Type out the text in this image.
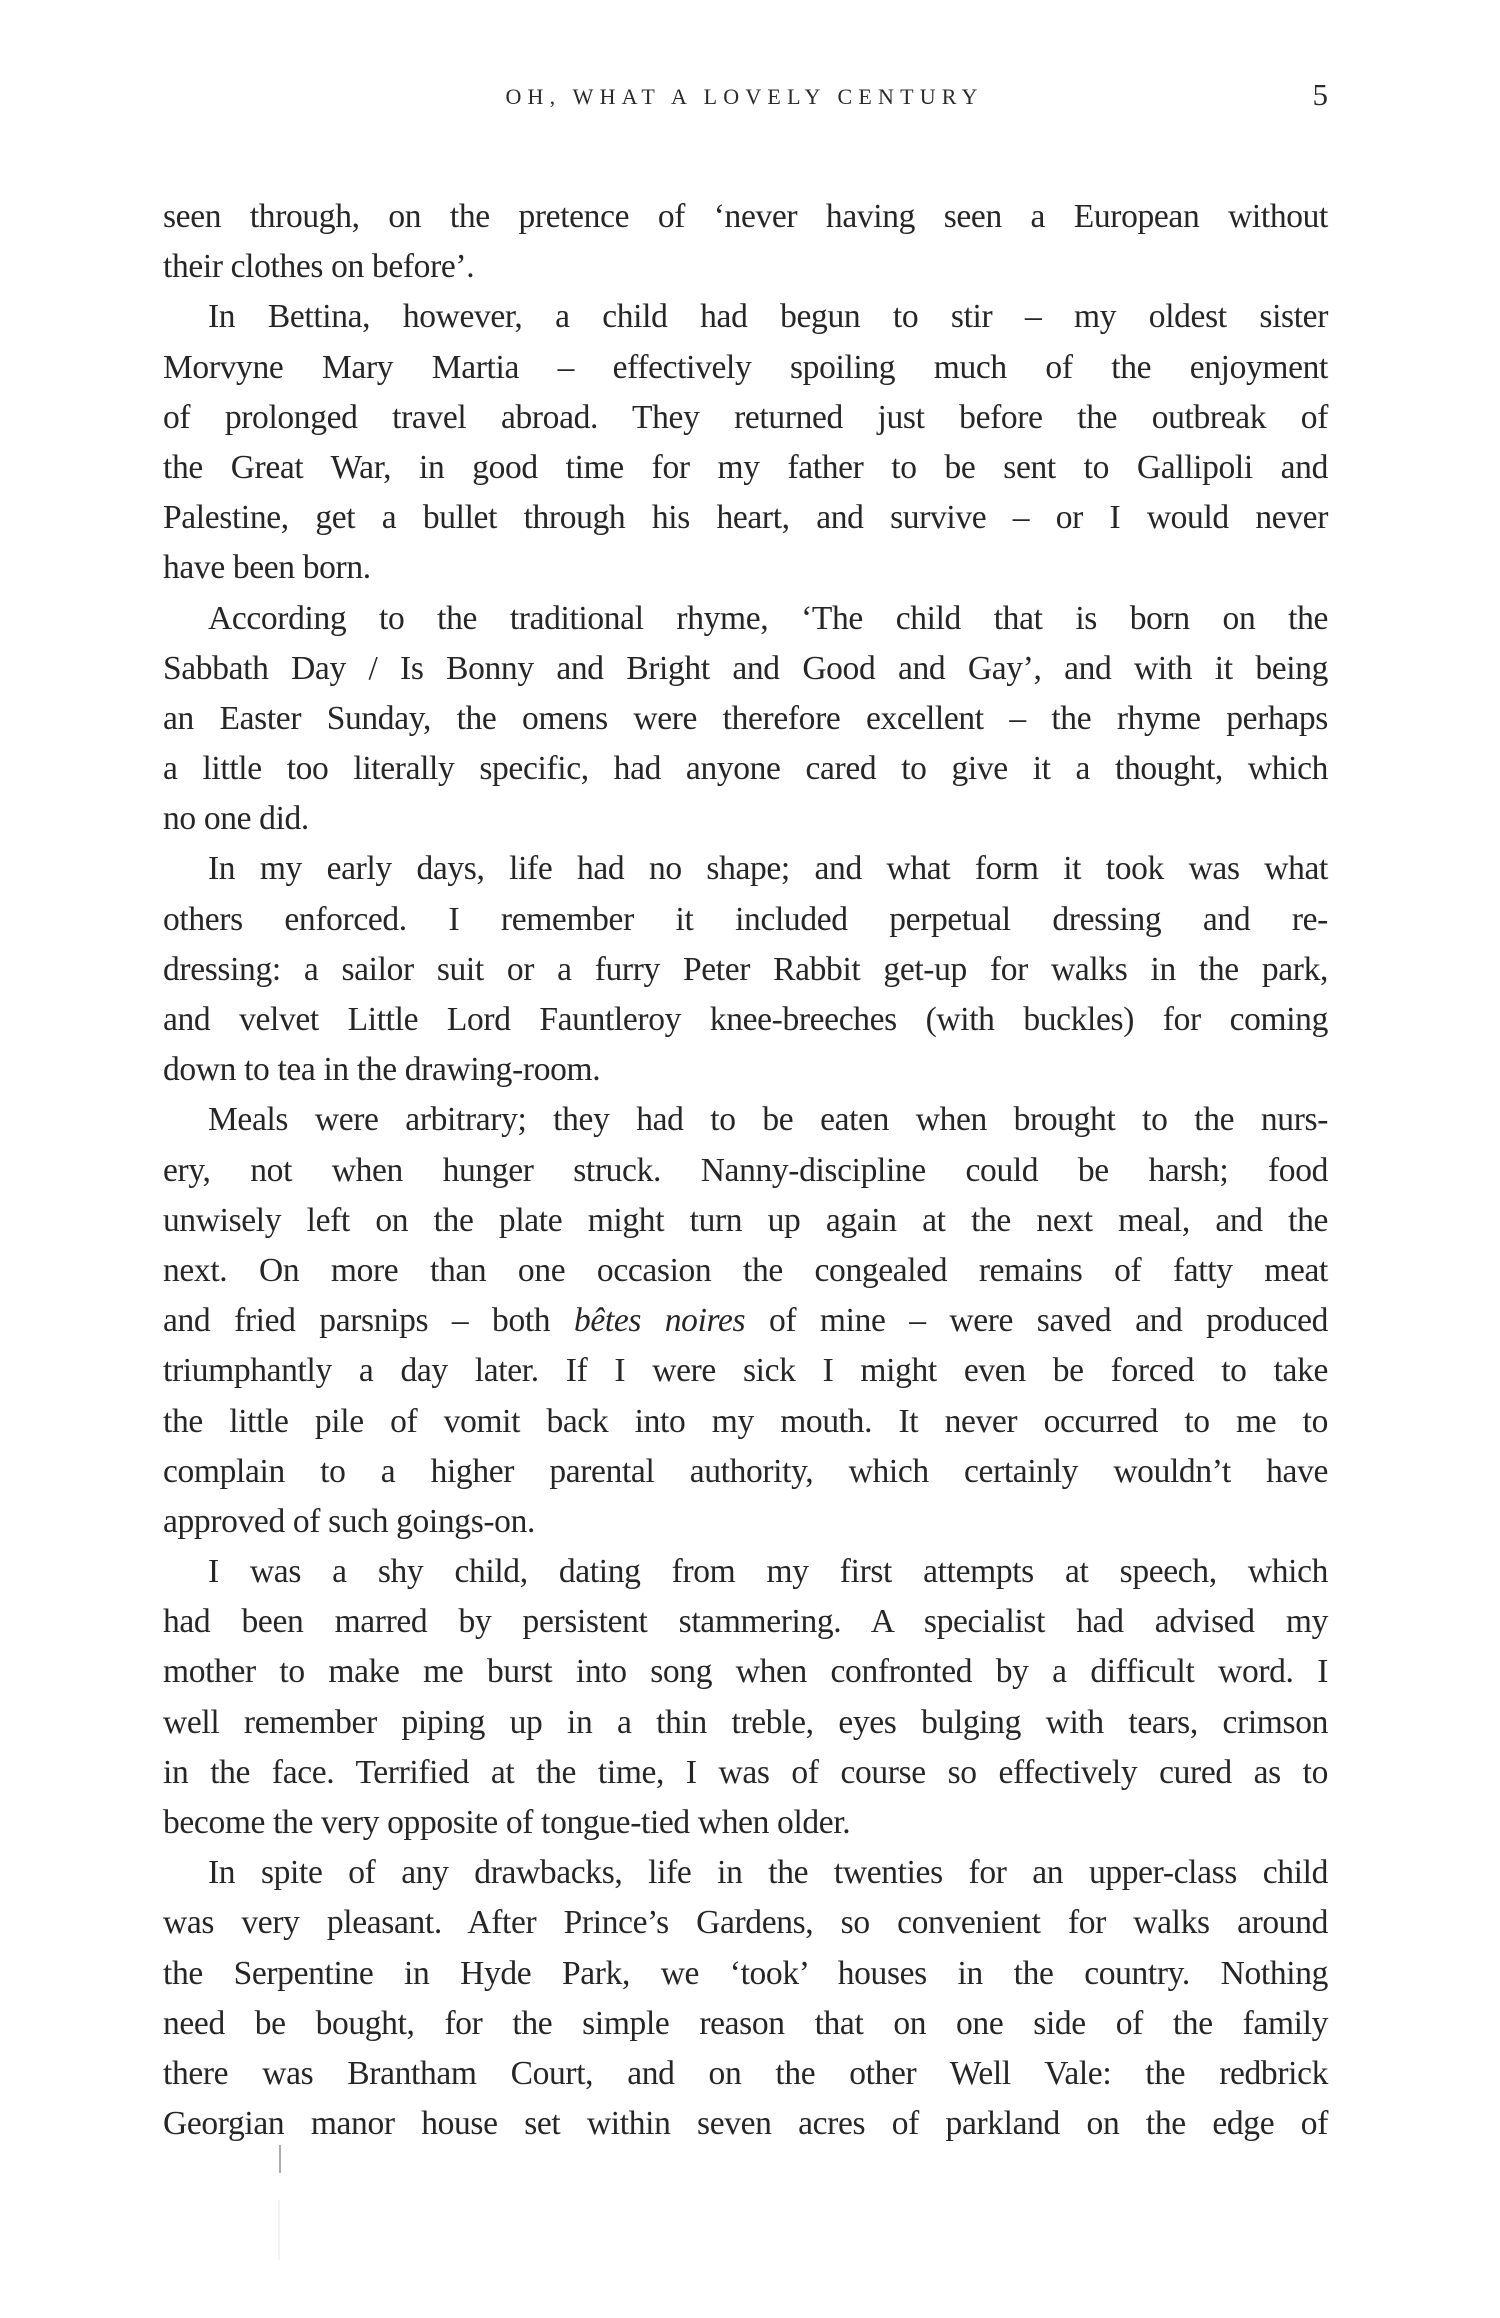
OH, WHAT A LOVELY CENTURY	5
seen through, on the pretence of ‘never having seen a European without
their clothes on before’.
In Bettina, however, a child had begun to stir – my oldest sister
Morvyne Mary Martia – effectively spoiling much of the enjoyment
of prolonged travel abroad. They returned just before the outbreak of
the Great War, in good time for my father to be sent to Gallipoli and
Palestine, get a bullet through his heart, and survive – or I would never
have been born.
According to the traditional rhyme, ‘The child that is born on the
Sabbath Day / Is Bonny and Bright and Good and Gay’, and with it being
an Easter Sunday, the omens were therefore excellent – the rhyme perhaps
a little too literally specific, had anyone cared to give it a thought, which
no one did.
In my early days, life had no shape; and what form it took was what
others enforced. I remember it included perpetual dressing and re-
dressing: a sailor suit or a furry Peter Rabbit get-up for walks in the park,
and velvet Little Lord Fauntleroy knee-breeches (with buckles) for coming
down to tea in the drawing-room.
Meals were arbitrary; they had to be eaten when brought to the nurs-
ery, not when hunger struck. Nanny-discipline could be harsh; food
unwisely left on the plate might turn up again at the next meal, and the
next. On more than one occasion the congealed remains of fatty meat
and fried parsnips – both bêtes noires of mine – were saved and produced
triumphantly a day later. If I were sick I might even be forced to take
the little pile of vomit back into my mouth. It never occurred to me to
complain to a higher parental authority, which certainly wouldn’t have
approved of such goings-on.
I was a shy child, dating from my first attempts at speech, which
had been marred by persistent stammering. A specialist had advised my
mother to make me burst into song when confronted by a difficult word. I
well remember piping up in a thin treble, eyes bulging with tears, crimson
in the face. Terrified at the time, I was of course so effectively cured as to
become the very opposite of tongue-tied when older.
In spite of any drawbacks, life in the twenties for an upper-class child
was very pleasant. After Prince’s Gardens, so convenient for walks around
the Serpentine in Hyde Park, we ‘took’ houses in the country. Nothing
need be bought, for the simple reason that on one side of the family
there was Brantham Court, and on the other Well Vale: the redbrick
Georgian manor house set within seven acres of parkland on the edge of
